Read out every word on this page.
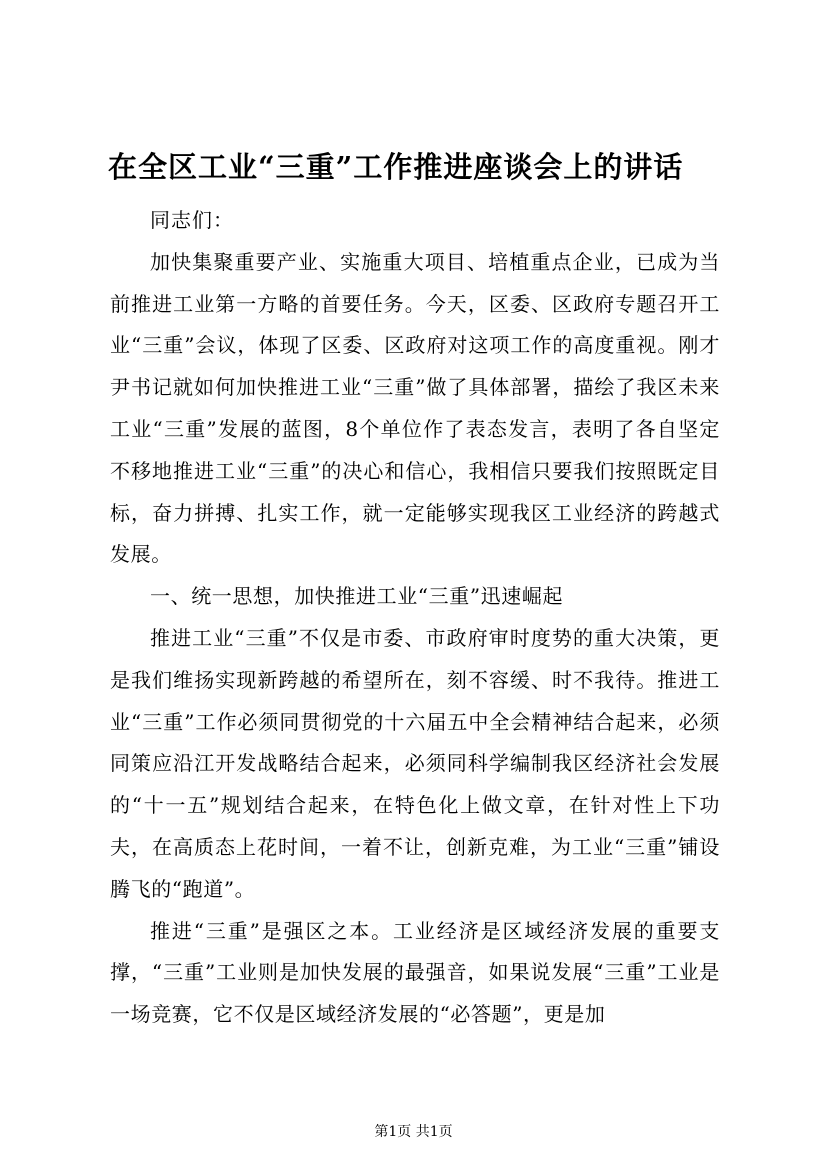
在全区工业“三重”工作推进座谈会上的讲话

同志们：

加快集聚重要产业、实施重大项目、培植重点企业，已成为当前推进工业第一方略的首要任务。今天，区委、区政府专题召开工业“三重”会议，体现了区委、区政府对这项工作的高度重视。刚才尹书记就如何加快推进工业“三重”做了具体部署，描绘了我区未来工业“三重”发展的蓝图，8个单位作了表态发言，表明了各自坚定不移地推进工业“三重”的决心和信心，我相信只要我们按照既定目标，奋力拼搏、扎实工作，就一定能够实现我区工业经济的跨越式发展。

一、统一思想，加快推进工业“三重”迅速崛起

推进工业“三重”不仅是市委、市政府审时度势的重大决策，更是我们维扬实现新跨越的希望所在，刻不容缓、时不我待。推进工业“三重”工作必须同贯彻党的十六届五中全会精神结合起来，必须同策应沿江开发战略结合起来，必须同科学编制我区经济社会发展的“十一五”规划结合起来，在特色化上做文章，在针对性上下功夫，在高质态上花时间，一着不让，创新克难，为工业“三重”铺设腾飞的“跑道”。

推进“三重”是强区之本。工业经济是区域经济发展的重要支撑，“三重”工业则是加快发展的最强音，如果说发展“三重”工业是一场竞赛，它不仅是区域经济发展的“必答题”，更是加

第1页 共1页
